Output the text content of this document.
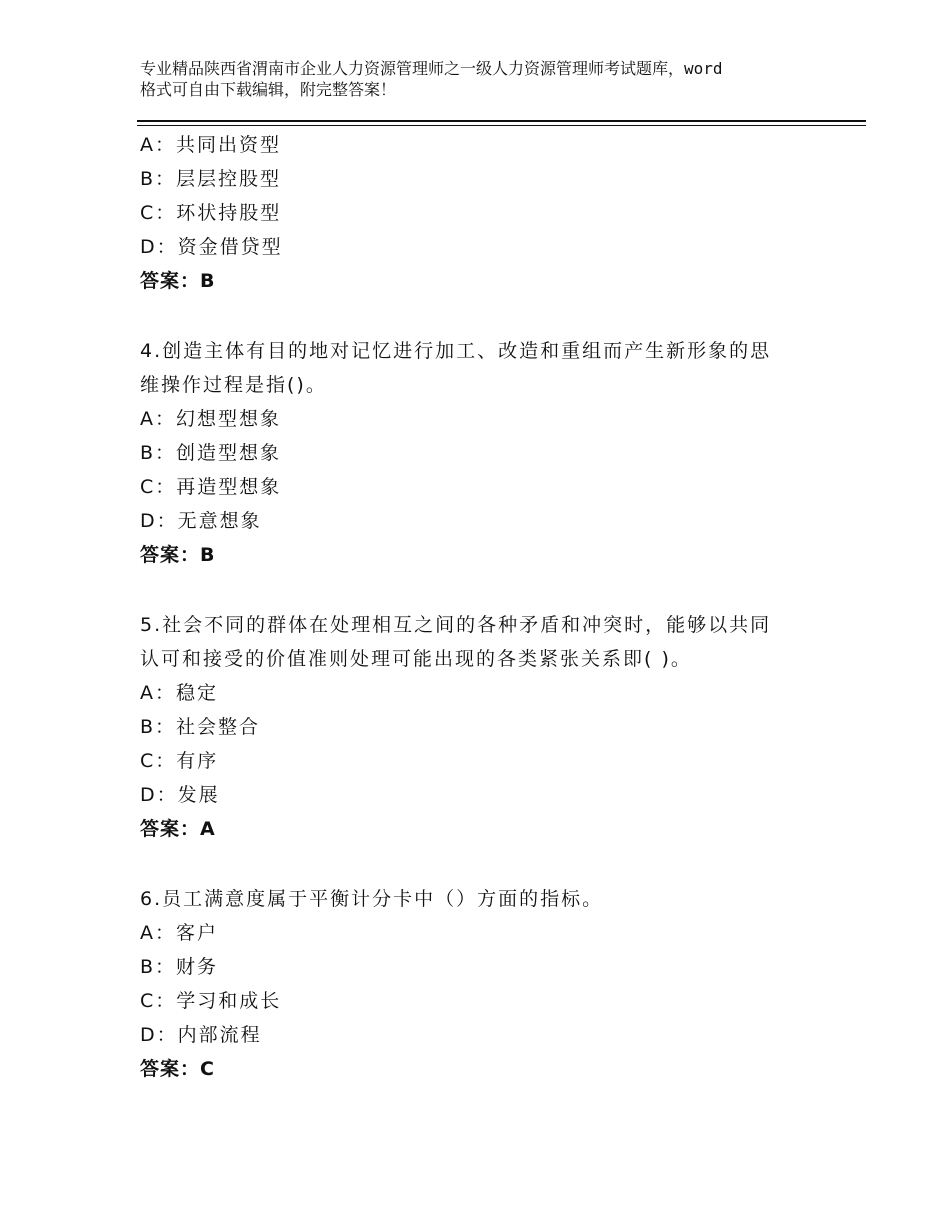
专业精品陕西省渭南市企业人力资源管理师之一级人力资源管理师考试题库，word
格式可自由下载编辑，附完整答案！
A：共同出资型
B：层层控股型
C：环状持股型
D：资金借贷型
答案：B
4.创造主体有目的地对记忆进行加工、改造和重组而产生新形象的思
维操作过程是指()。
A：幻想型想象
B：创造型想象
C：再造型想象
D：无意想象
答案：B
5.社会不同的群体在处理相互之间的各种矛盾和冲突时，能够以共同
认可和接受的价值准则处理可能出现的各类紧张关系即( )。
A：稳定
B：社会整合
C：有序
D：发展
答案：A
6.员工满意度属于平衡计分卡中（）方面的指标。
A：客户
B：财务
C：学习和成长
D：内部流程
答案：C
